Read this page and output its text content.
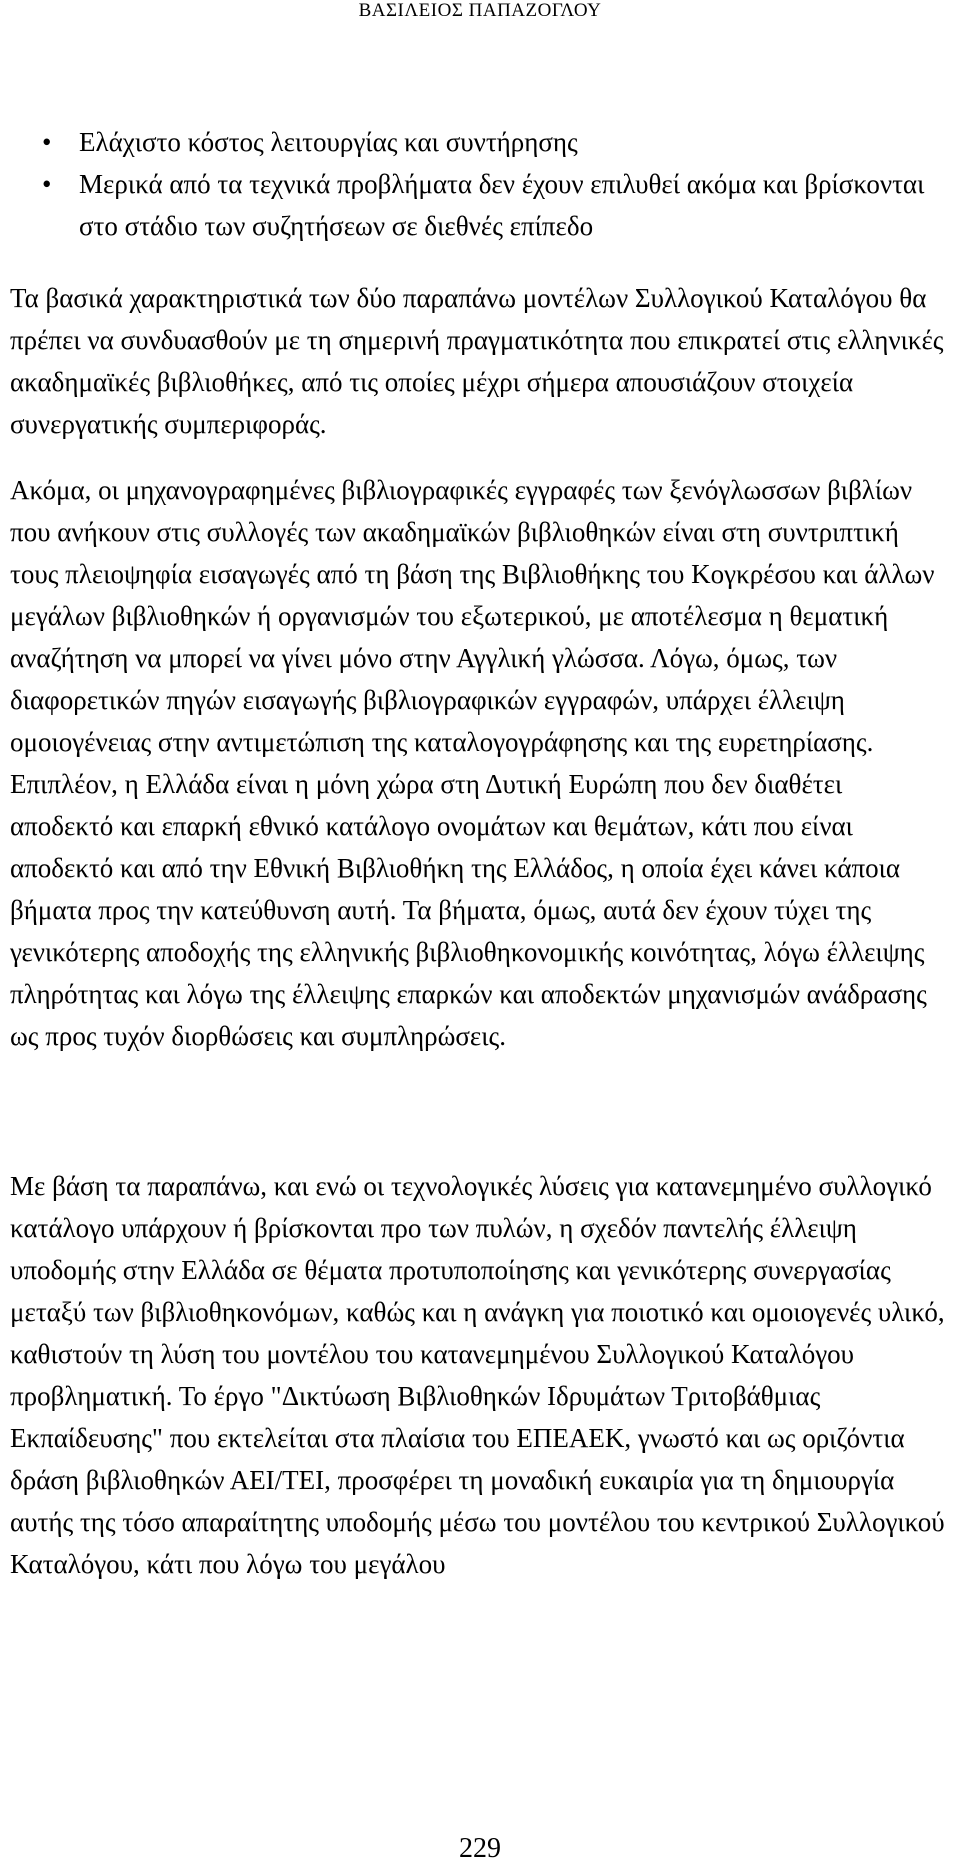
ΒΑΣΙΛΕΙΟΣ ΠΑΠΑΖΟΓΛΟΥ
• Ελάχιστο κόστος λειτουργίας και συντήρησης
• Μερικά από τα τεχνικά προβλήματα δεν έχουν επιλυθεί ακόμα και βρίσκονται στο στάδιο των συζητήσεων σε διεθνές επίπεδο

Τα βασικά χαρακτηριστικά των δύο παραπάνω μοντέλων Συλλογικού Καταλόγου θα πρέπει να συνδυασθούν με τη σημερινή πραγματικότητα που επικρατεί στις ελληνικές ακαδημαϊκές βιβλιοθήκες, από τις οποίες μέχρι σήμερα απουσιάζουν στοιχεία συνεργατικής συμπεριφοράς.

Ακόμα, οι μηχανογραφημένες βιβλιογραφικές εγγραφές των ξενόγλωσσων βιβλίων που ανήκουν στις συλλογές των ακαδημαϊκών βιβλιοθηκών είναι στη συντριπτική τους πλειοψηφία εισαγωγές από τη βάση της Βιβλιοθήκης του Κογκρέσου και άλλων μεγάλων βιβλιοθηκών ή οργανισμών του εξωτερικού, με αποτέλεσμα η θεματική αναζήτηση να μπορεί να γίνει μόνο στην Αγγλική γλώσσα. Λόγω, όμως, των διαφορετικών πηγών εισαγωγής βιβλιογραφικών εγγραφών, υπάρχει έλλειψη ομοιογένειας στην αντιμετώπιση της καταλογογράφησης και της ευρετηρίασης. Επιπλέον, η Ελλάδα είναι η μόνη χώρα στη Δυτική Ευρώπη που δεν διαθέτει αποδεκτό και επαρκή εθνικό κατάλογο ονομάτων και θεμάτων, κάτι που είναι αποδεκτό και από την Εθνική Βιβλιοθήκη της Ελλάδος, η οποία έχει κάνει κάποια βήματα προς την κατεύθυνση αυτή. Τα βήματα, όμως, αυτά δεν έχουν τύχει της γενικότερης αποδοχής της ελληνικής βιβλιοθηκονομικής κοινότητας, λόγω έλλειψης πληρότητας και λόγω της έλλειψης επαρκών και αποδεκτών μηχανισμών ανάδρασης ως προς τυχόν διορθώσεις και συμπληρώσεις.

Με βάση τα παραπάνω, και ενώ οι τεχνολογικές λύσεις για κατανεμημένο συλλογικό κατάλογο υπάρχουν ή βρίσκονται προ των πυλών, η σχεδόν παντελής έλλειψη υποδομής στην Ελλάδα σε θέματα προτυποποίησης και γενικότερης συνεργασίας μεταξύ των βιβλιοθηκονόμων, καθώς και η ανάγκη για ποιοτικό και ομοιογενές υλικό, καθιστούν τη λύση του μοντέλου του κατανεμημένου Συλλογικού Καταλόγου προβληματική. Το έργο "Δικτύωση Βιβλιοθηκών Ιδρυμάτων Τριτοβάθμιας Εκπαίδευσης" που εκτελείται στα πλαίσια του ΕΠΕΑΕΚ, γνωστό και ως οριζόντια δράση βιβλιοθηκών ΑΕΙ/ΤΕΙ, προσφέρει τη μοναδική ευκαιρία για τη δημιουργία αυτής της τόσο απαραίτητης υποδομής μέσω του μοντέλου του κεντρικού Συλλογικού Καταλόγου, κάτι που λόγω του μεγάλου

229
